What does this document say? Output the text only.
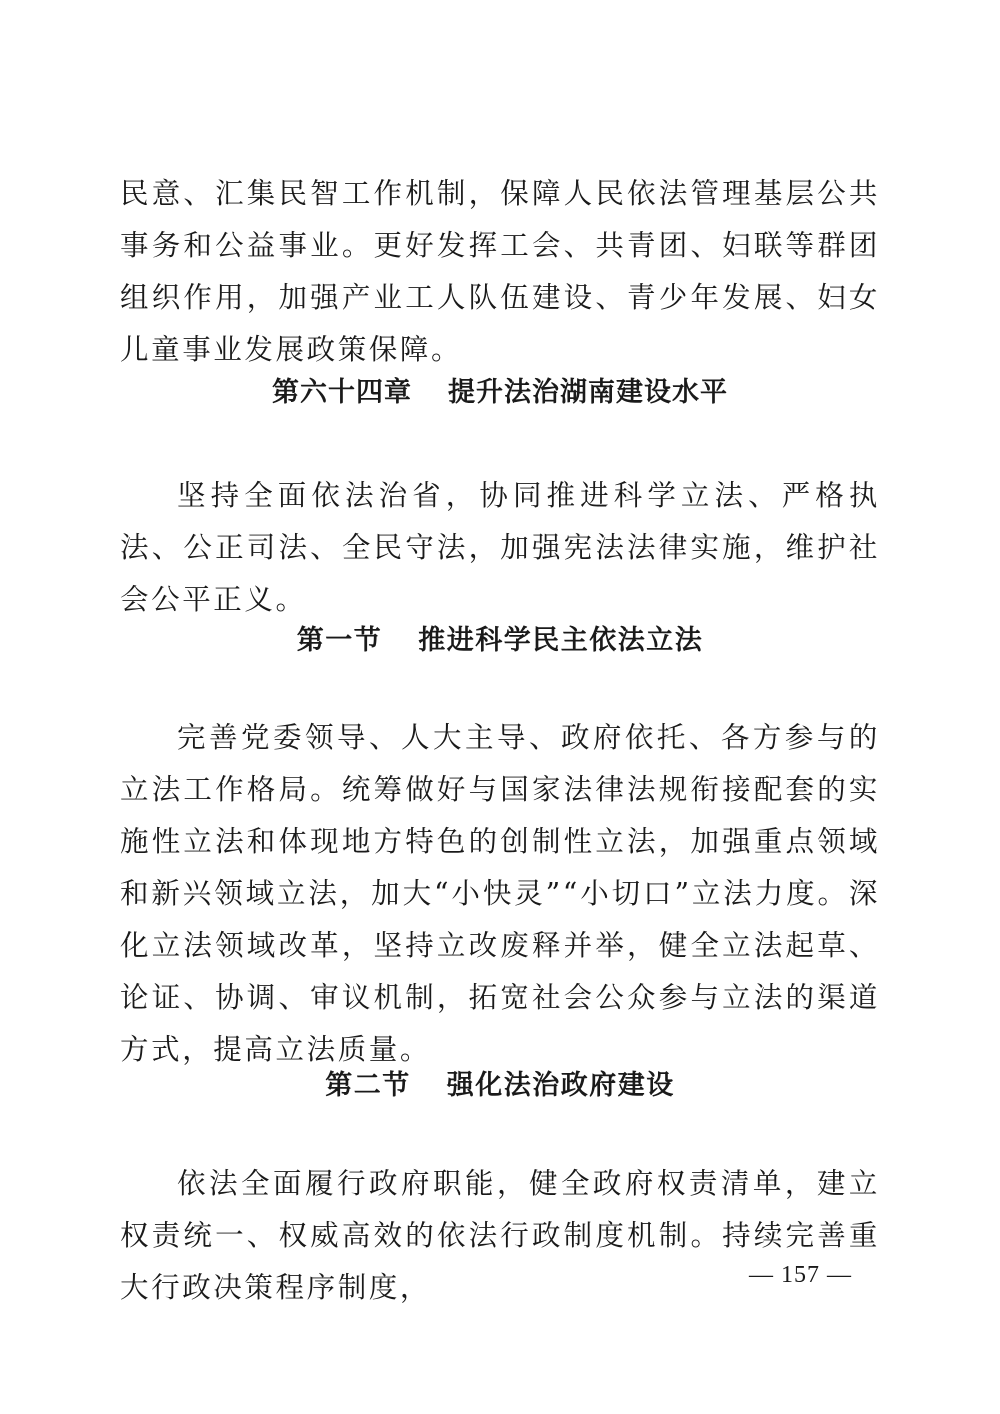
民意、汇集民智工作机制，保障人民依法管理基层公共事务和公益事业。更好发挥工会、共青团、妇联等群团组织作用，加强产业工人队伍建设、青少年发展、妇女儿童事业发展政策保障。

第六十四章 提升法治湖南建设水平

坚持全面依法治省，协同推进科学立法、严格执法、公正司法、全民守法，加强宪法法律实施，维护社会公平正义。

第一节 推进科学民主依法立法

完善党委领导、人大主导、政府依托、各方参与的立法工作格局。统筹做好与国家法律法规衔接配套的实施性立法和体现地方特色的创制性立法，加强重点领域和新兴领域立法，加大“小快灵”“小切口”立法力度。深化立法领域改革，坚持立改废释并举，健全立法起草、论证、协调、审议机制，拓宽社会公众参与立法的渠道方式，提高立法质量。

第二节 强化法治政府建设

依法全面履行政府职能，健全政府权责清单，建立权责统一、权威高效的依法行政制度机制。持续完善重大行政决策程序制度，	— 157 —
